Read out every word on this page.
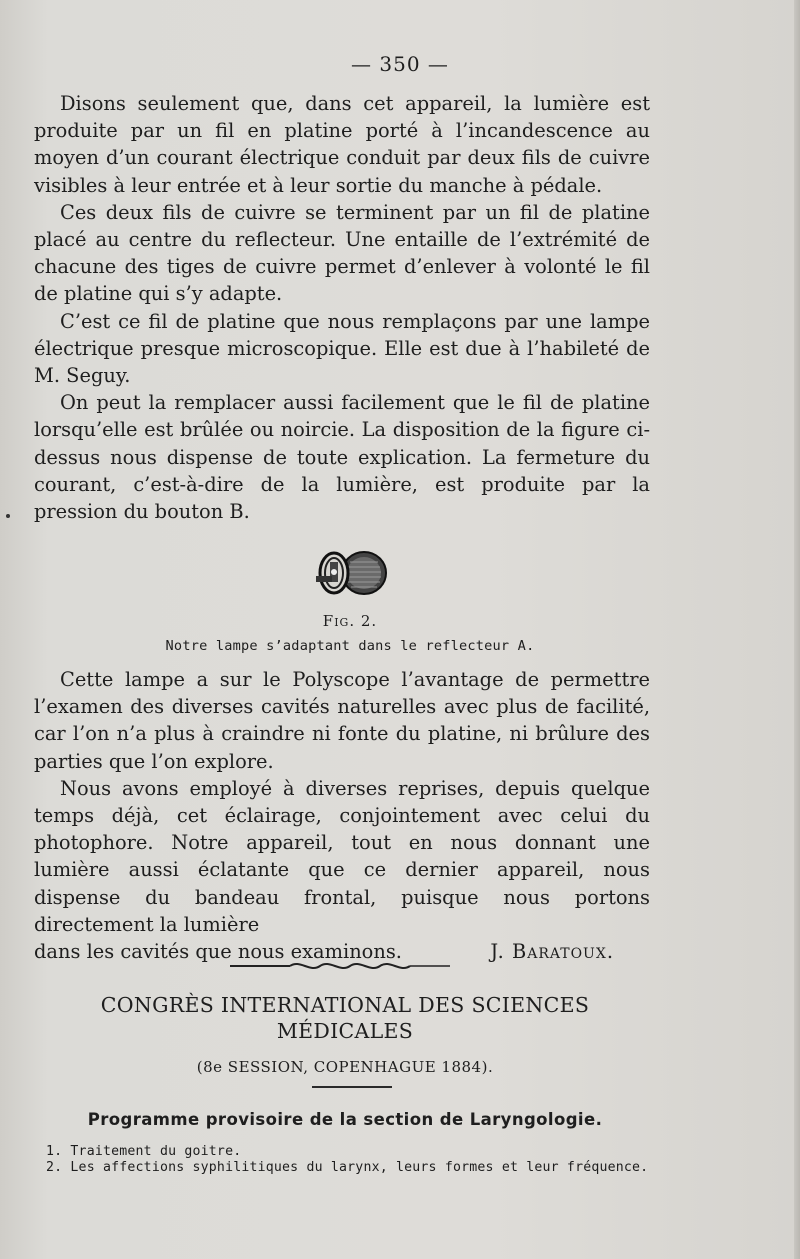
— 350 —

Disons seulement que, dans cet appareil, la lumière est produite par un fil en platine porté à l’incandescence au moyen d’un courant électrique conduit par deux fils de cuivre visibles à leur entrée et à leur sortie du manche à pédale.

Ces deux fils de cuivre se terminent par un fil de platine placé au centre du reflecteur. Une entaille de l’extrémité de chacune des tiges de cuivre permet d’enlever à volonté le fil de platine qui s’y adapte.

C’est ce fil de platine que nous remplaçons par une lampe électrique presque microscopique. Elle est due à l’habileté de M. Seguy.

On peut la remplacer aussi facilement que le fil de platine lorsqu’elle est brûlée ou noircie. La disposition de la figure ci-dessus nous dispense de toute explication. La fermeture du courant, c’est-à-dire de la lumière, est produite par la pression du bouton B.

Fig. 2.
Notre lampe s’adaptant dans le reflecteur A.

Cette lampe a sur le Polyscope l’avantage de permettre l’examen des diverses cavités naturelles avec plus de facilité, car l’on n’a plus à craindre ni fonte du platine, ni brûlure des parties que l’on explore.

Nous avons employé à diverses reprises, depuis quelque temps déjà, cet éclairage, conjointement avec celui du photophore. Notre appareil, tout en nous donnant une lumière aussi éclatante que ce dernier appareil, nous dispense du bandeau frontal, puisque nous portons directement la lumière

dans les cavités que nous examinons.	J. Baratoux.
CONGRÈS INTERNATIONAL DES SCIENCES
MÉDICALES
(8e SESSION, COPENHAGUE 1884).
Programme provisoire de la section de Laryngologie.
1. Traitement du goitre.
2. Les affections syphilitiques du larynx, leurs formes et leur fréquence.
